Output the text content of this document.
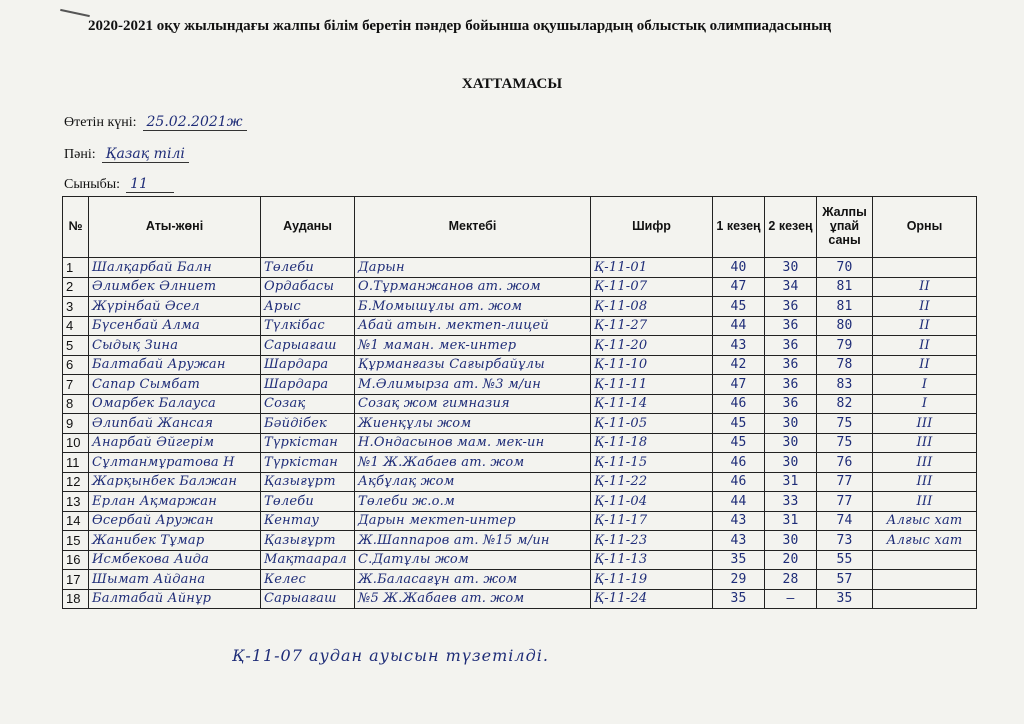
2020-2021 оқу жылындағы жалпы білім беретін пәндер бойынша оқушылардың облыстық олимпиадасының
ХАТТАМАСЫ
Өтетін күні: 25.02.2021ж
Пәні: Қазақ тілі
Сыныбы: 11
№	Аты-жөні	Ауданы	Мектебі	Шифр	1 кезең	2 кезең	Жалпы ұпай саны	Орны
1	Шалқарбай Балн	Төлеби	Дарын	Қ-11-01	40	30	70	
2	Әлимбек Әлниет	Ордабасы	О.Тұрманжанов ат. жом	Қ-11-07	47	34	81	II
3	Жүрінбай Әсел	Арыс	Б.Момышұлы ат. жом	Қ-11-08	45	36	81	II
4	Бүсенбай Алма	Түлкібас	Абай атын. мектеп-лицей	Қ-11-27	44	36	80	II
5	Сыдық Зина	Сарыағаш	№1 маман. мек-интер	Қ-11-20	43	36	79	II
6	Балтабай Аружан	Шардара	Құрманғазы Сағырбайұлы	Қ-11-10	42	36	78	II
7	Сапар Сымбат	Шардара	М.Әлимырза ат. №3 м/ин	Қ-11-11	47	36	83	I
8	Омарбек Балауса	Созақ	Созақ жом гимназия	Қ-11-14	46	36	82	I
9	Әлипбай Жансая	Бәйдібек	Жиенқұлы жом	Қ-11-05	45	30	75	III
10	Анарбай Әйгерім	Түркістан	Н.Ондасынов мам. мек-ин	Қ-11-18	45	30	75	III
11	Сұлтанмұратова Н	Түркістан	№1 Ж.Жабаев ат. жом	Қ-11-15	46	30	76	III
12	Жарқынбек Балжан	Қазығұрт	Ақбұлақ жом	Қ-11-22	46	31	77	III
13	Ерлан Ақмаржан	Төлеби	Төлеби ж.о.м	Қ-11-04	44	33	77	III
14	Өсербай Аружан	Кентау	Дарын мектеп-интер	Қ-11-17	43	31	74	Алғыс хат
15	Жанибек Тұмар	Қазығұрт	Ж.Шаппаров ат. №15 м/ин	Қ-11-23	43	30	73	Алғыс хат
16	Исмбекова Аида	Мақтаарал	С.Датұлы жом	Қ-11-13	35	20	55	
17	Шымат Айдана	Келес	Ж.Баласағұн ат. жом	Қ-11-19	29	28	57	
18	Балтабай Айнұр	Сарыағаш	№5 Ж.Жабаев ат. жом	Қ-11-24	35	—	35	
Қ-11-07 аудан ауысын түзетілді.
